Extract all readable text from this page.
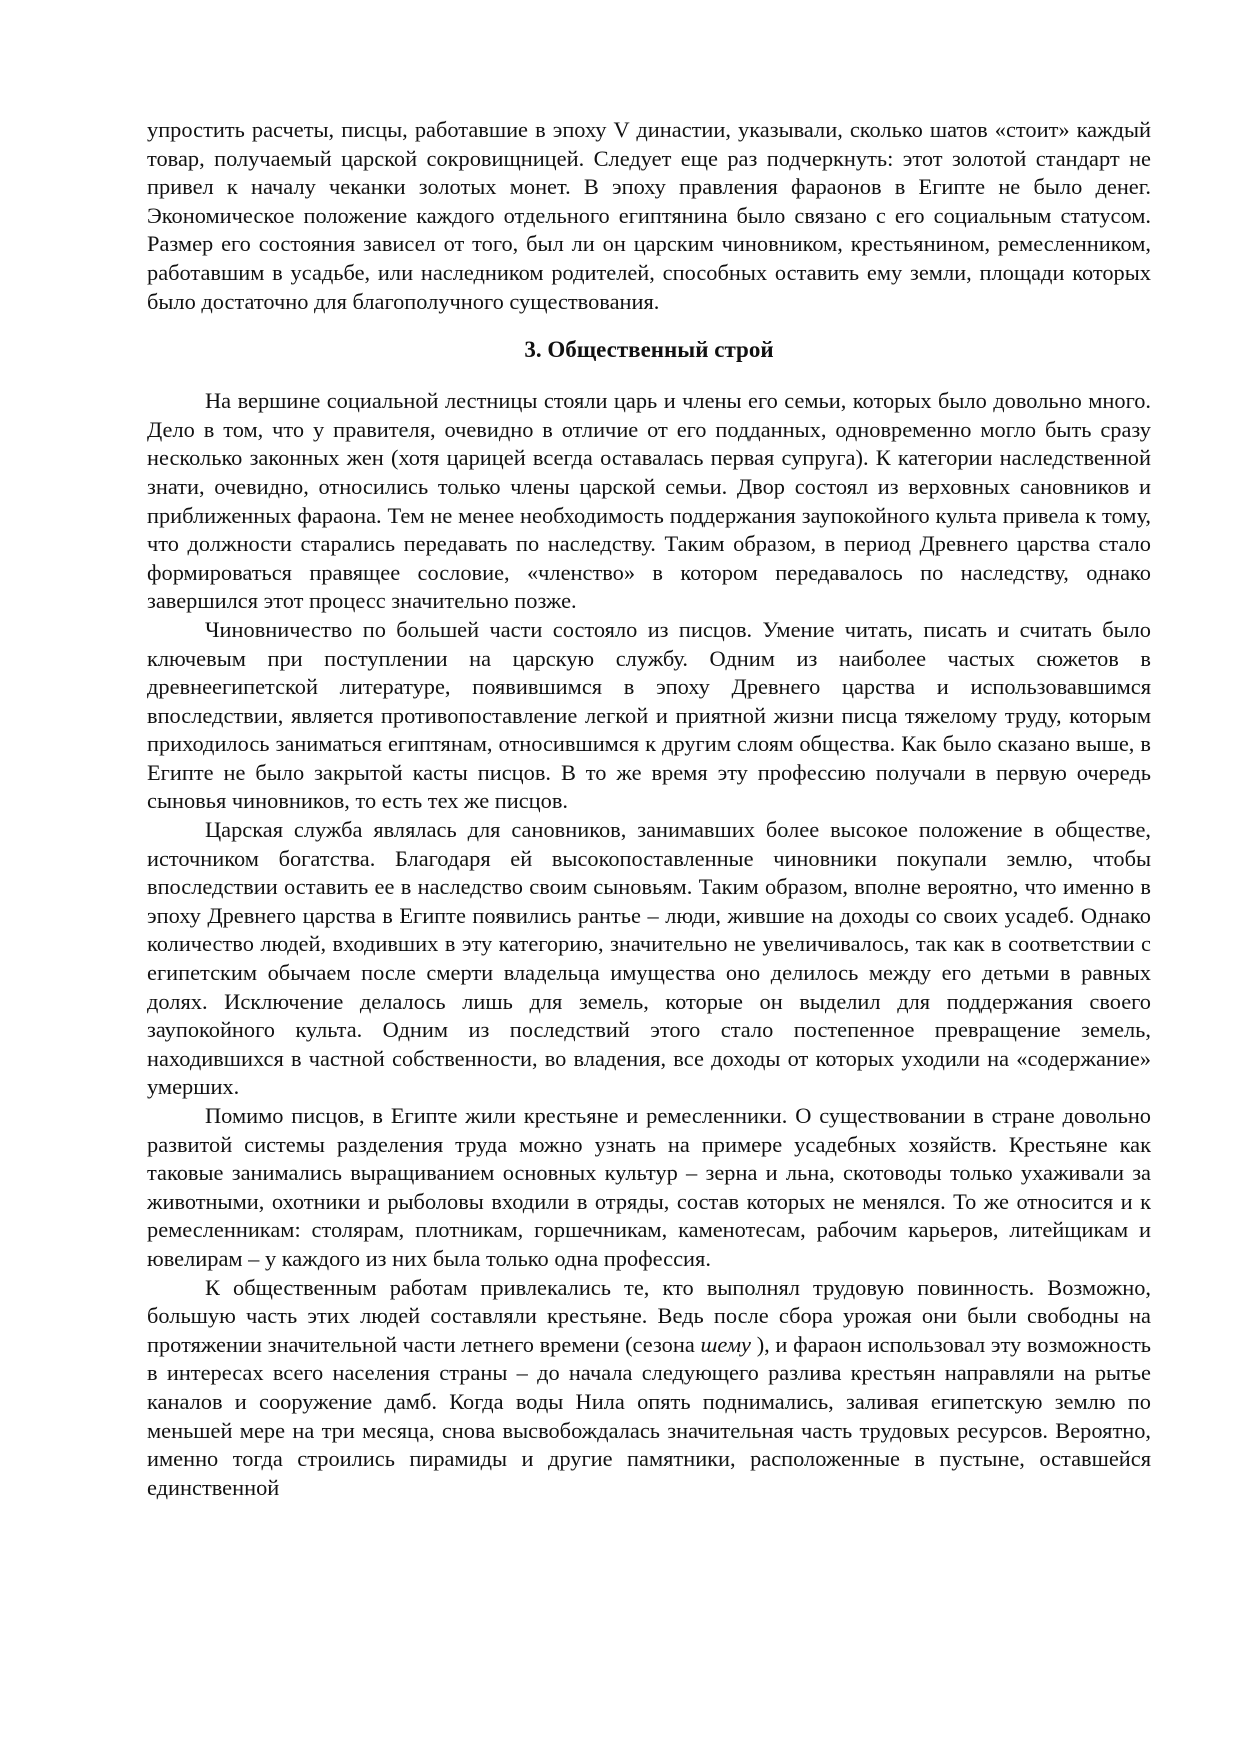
упростить расчеты, писцы, работавшие в эпоху V династии, указывали, сколько шатов «стоит» каждый товар, получаемый царской сокровищницей. Следует еще раз подчеркнуть: этот золотой стандарт не привел к началу чеканки золотых монет. В эпоху правления фараонов в Египте не было денег. Экономическое положение каждого отдельного египтянина было связано с его социальным статусом. Размер его состояния зависел от того, был ли он царским чиновником, крестьянином, ремесленником, работавшим в усадьбе, или наследником родителей, способных оставить ему земли, площади которых было достаточно для благополучного существования.

3. Общественный строй

На вершине социальной лестницы стояли царь и члены его семьи, которых было довольно много. Дело в том, что у правителя, очевидно в отличие от его подданных, одновременно могло быть сразу несколько законных жен (хотя царицей всегда оставалась первая супруга). К категории наследственной знати, очевидно, относились только члены царской семьи. Двор состоял из верховных сановников и приближенных фараона. Тем не менее необходимость поддержания заупокойного культа привела к тому, что должности старались передавать по наследству. Таким образом, в период Древнего царства стало формироваться правящее сословие, «членство» в котором передавалось по наследству, однако завершился этот процесс значительно позже.

Чиновничество по большей части состояло из писцов. Умение читать, писать и считать было ключевым при поступлении на царскую службу. Одним из наиболее частых сюжетов в древнеегипетской литературе, появившимся в эпоху Древнего царства и использовавшимся впоследствии, является противопоставление легкой и приятной жизни писца тяжелому труду, которым приходилось заниматься египтянам, относившимся к другим слоям общества. Как было сказано выше, в Египте не было закрытой касты писцов. В то же время эту профессию получали в первую очередь сыновья чиновников, то есть тех же писцов.

Царская служба являлась для сановников, занимавших более высокое положение в обществе, источником богатства. Благодаря ей высокопоставленные чиновники покупали землю, чтобы впоследствии оставить ее в наследство своим сыновьям. Таким образом, вполне вероятно, что именно в эпоху Древнего царства в Египте появились рантье – люди, жившие на доходы со своих усадеб. Однако количество людей, входивших в эту категорию, значительно не увеличивалось, так как в соответствии с египетским обычаем после смерти владельца имущества оно делилось между его детьми в равных долях. Исключение делалось лишь для земель, которые он выделил для поддержания своего заупокойного культа. Одним из последствий этого стало постепенное превращение земель, находившихся в частной собственности, во владения, все доходы от которых уходили на «содержание» умерших.

Помимо писцов, в Египте жили крестьяне и ремесленники. О существовании в стране довольно развитой системы разделения труда можно узнать на примере усадебных хозяйств. Крестьяне как таковые занимались выращиванием основных культур – зерна и льна, скотоводы только ухаживали за животными, охотники и рыболовы входили в отряды, состав которых не менялся. То же относится и к ремесленникам: столярам, плотникам, горшечникам, каменотесам, рабочим карьеров, литейщикам и ювелирам – у каждого из них была только одна профессия.

К общественным работам привлекались те, кто выполнял трудовую повинность. Возможно, большую часть этих людей составляли крестьяне. Ведь после сбора урожая они были свободны на протяжении значительной части летнего времени (сезона шему ), и фараон использовал эту возможность в интересах всего населения страны – до начала следующего разлива крестьян направляли на рытье каналов и сооружение дамб. Когда воды Нила опять поднимались, заливая египетскую землю по меньшей мере на три месяца, снова высвобождалась значительная часть трудовых ресурсов. Вероятно, именно тогда строились пирамиды и другие памятники, расположенные в пустыне, оставшейся единственной
